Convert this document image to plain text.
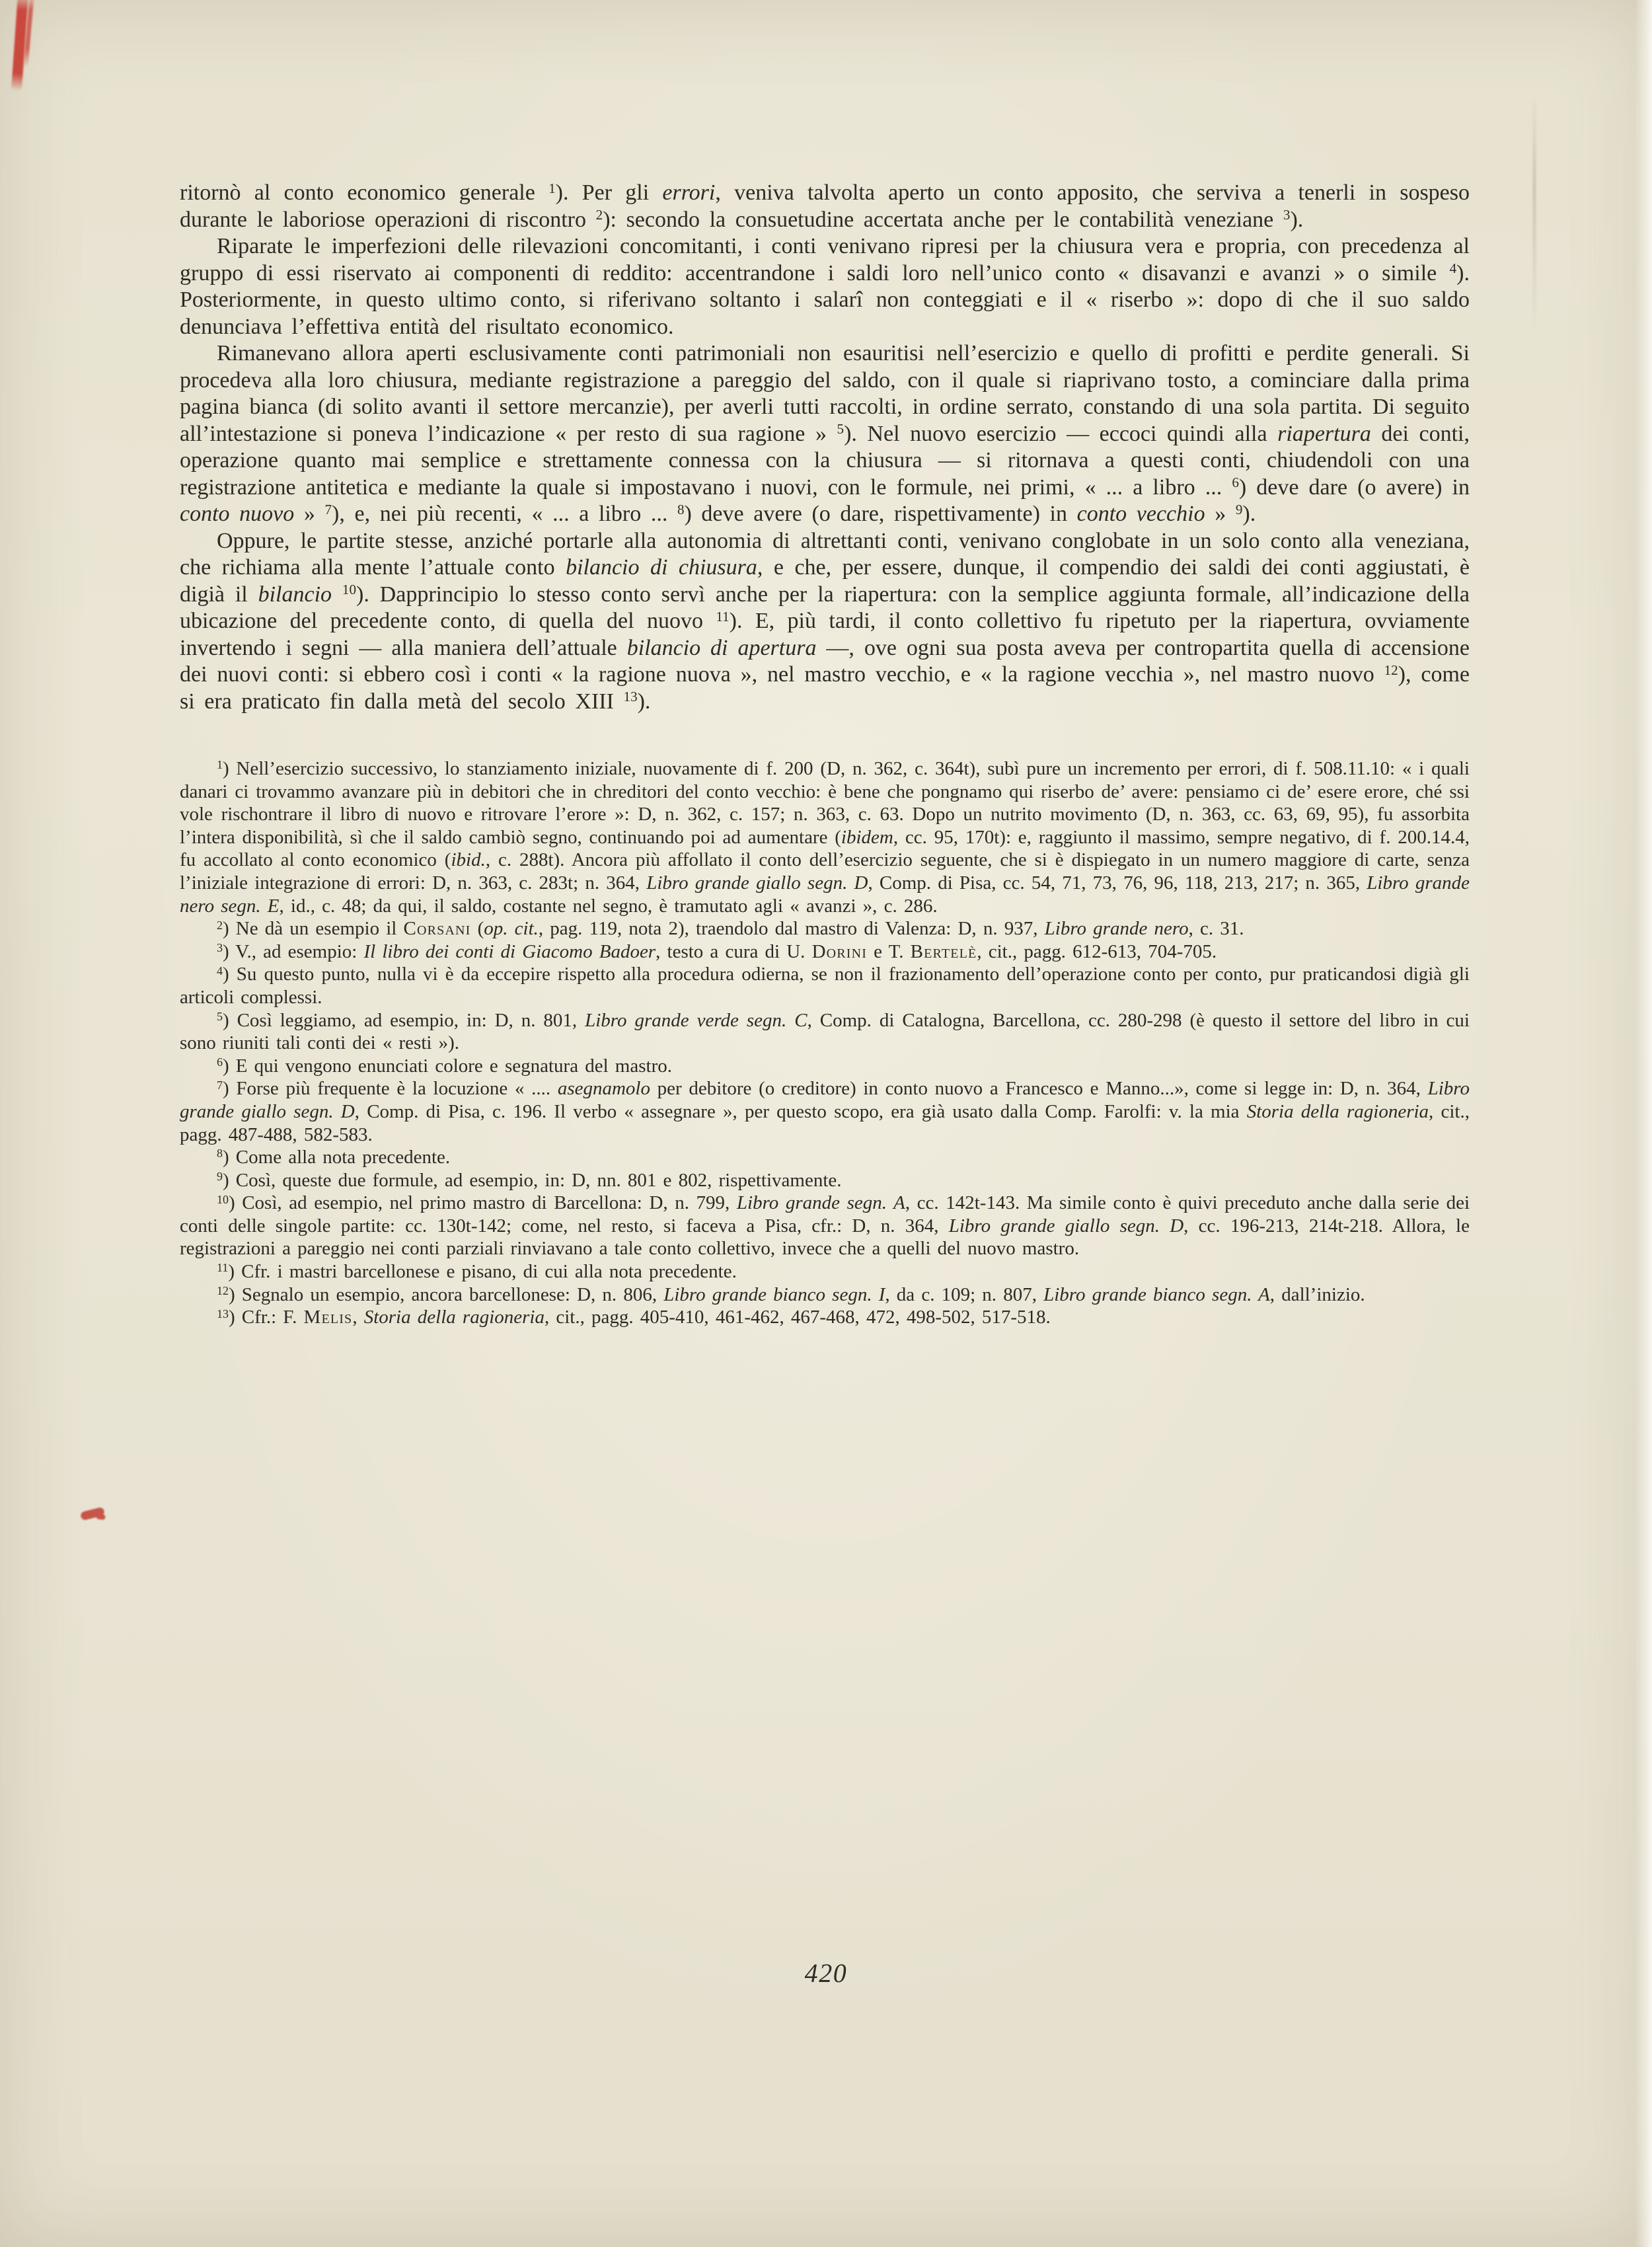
ritornò al conto economico generale $^1$). Per gli errori, veniva talvolta aperto un conto apposito, che serviva a tenerli in sospeso durante le laboriose operazioni di riscontro $^2$): secondo la consuetudine accertata anche per le contabilità veneziane $^3$).

Riparate le imperfezioni delle rilevazioni concomitanti, i conti venivano ripresi per la chiusura vera e propria, con precedenza al gruppo di essi riservato ai componenti di reddito: accentrandone i saldi loro nell’unico conto « disavanzi e avanzi » o simile $^4$). Posteriormente, in questo ultimo conto, si riferivano soltanto i salarî non conteggiati e il « riserbo »: dopo di che il suo saldo denunciava l’effettiva entità del risultato economico.

Rimanevano allora aperti esclusivamente conti patrimoniali non esauritisi nell’esercizio e quello di profitti e perdite generali. Si procedeva alla loro chiusura, mediante registrazione a pareggio del saldo, con il quale si riaprivano tosto, a cominciare dalla prima pagina bianca (di solito avanti il settore mercanzie), per averli tutti raccolti, in ordine serrato, constando di una sola partita. Di seguito all’intestazione si poneva l’indicazione « per resto di sua ragione » $^5$). Nel nuovo esercizio — eccoci quindi alla riapertura dei conti, operazione quanto mai semplice e strettamente connessa con la chiusura — si ritornava a questi conti, chiudendoli con una registrazione antitetica e mediante la quale si impostavano i nuovi, con le formule, nei primi, « ... a libro ... $^6$) deve dare (o avere) in conto nuovo » $^7$), e, nei più recenti, « ... a libro ... $^8$) deve avere (o dare, rispettivamente) in conto vecchio » $^9$).

Oppure, le partite stesse, anziché portarle alla autonomia di altrettanti conti, venivano conglobate in un solo conto alla veneziana, che richiama alla mente l’attuale conto bilancio di chiusura, e che, per essere, dunque, il compendio dei saldi dei conti aggiustati, è digià il bilancio $^{10}$). Dapprincipio lo stesso conto servì anche per la riapertura: con la semplice aggiunta formale, all’indicazione della ubicazione del precedente conto, di quella del nuovo $^{11}$). E, più tardi, il conto collettivo fu ripetuto per la riapertura, ovviamente invertendo i segni — alla maniera dell’attuale bilancio di apertura —, ove ogni sua posta aveva per contropartita quella di accensione dei nuovi conti: si ebbero così i conti « la ragione nuova », nel mastro vecchio, e « la ragione vecchia », nel mastro nuovo $^{12}$), come si era praticato fin dalla metà del secolo XIII $^{13}$).

$^1$) Nell’esercizio successivo, lo stanziamento iniziale, nuovamente di f. 200 (D, n. 362, c. 364t), subì pure un incremento per errori, di f. 508.11.10: « i quali danari ci trovammo avanzare più in debitori che in chreditori del conto vecchio: è bene che pongnamo qui riserbo de’ avere: pensiamo ci de’ esere erore, ché ssi vole rischontrare il libro di nuovo e ritrovare l’erore »: D, n. 362, c. 157; n. 363, c. 63. Dopo un nutrito movimento (D, n. 363, cc. 63, 69, 95), fu assorbita l’intera disponibilità, sì che il saldo cambiò segno, continuando poi ad aumentare (ibidem, cc. 95, 170t): e, raggiunto il massimo, sempre negativo, di f. 200.14.4, fu accollato al conto economico (ibid., c. 288t). Ancora più affollato il conto dell’esercizio seguente, che si è dispiegato in un numero maggiore di carte, senza l’iniziale integrazione di errori: D, n. 363, c. 283t; n. 364, Libro grande giallo segn. D, Comp. di Pisa, cc. 54, 71, 73, 76, 96, 118, 213, 217; n. 365, Libro grande nero segn. E, id., c. 48; da qui, il saldo, costante nel segno, è tramutato agli « avanzi », c. 286.

$^2$) Ne dà un esempio il Corsani (op. cit., pag. 119, nota 2), traendolo dal mastro di Valenza: D, n. 937, Libro grande nero, c. 31.

$^3$) V., ad esempio: Il libro dei conti di Giacomo Badoer, testo a cura di U. Dorini e T. Bertelè, cit., pagg. 612-613, 704-705.

$^4$) Su questo punto, nulla vi è da eccepire rispetto alla procedura odierna, se non il frazionamento dell’operazione conto per conto, pur praticandosi digià gli articoli complessi.

$^5$) Così leggiamo, ad esempio, in: D, n. 801, Libro grande verde segn. C, Comp. di Catalogna, Barcellona, cc. 280-298 (è questo il settore del libro in cui sono riuniti tali conti dei « resti »).

$^6$) E qui vengono enunciati colore e segnatura del mastro.

$^7$) Forse più frequente è la locuzione « .... asegnamolo per debitore (o creditore) in conto nuovo a Francesco e Manno...», come si legge in: D, n. 364, Libro grande giallo segn. D, Comp. di Pisa, c. 196. Il verbo « assegnare », per questo scopo, era già usato dalla Comp. Farolfi: v. la mia Storia della ragioneria, cit., pagg. 487-488, 582-583.

$^8$) Come alla nota precedente.

$^9$) Così, queste due formule, ad esempio, in: D, nn. 801 e 802, rispettivamente.

$^{10}$) Così, ad esempio, nel primo mastro di Barcellona: D, n. 799, Libro grande segn. A, cc. 142t-143. Ma simile conto è quivi preceduto anche dalla serie dei conti delle singole partite: cc. 130t-142; come, nel resto, si faceva a Pisa, cfr.: D, n. 364, Libro grande giallo segn. D, cc. 196-213, 214t-218. Allora, le registrazioni a pareggio nei conti parziali rinviavano a tale conto collettivo, invece che a quelli del nuovo mastro.

$^{11}$) Cfr. i mastri barcellonese e pisano, di cui alla nota precedente.

$^{12}$) Segnalo un esempio, ancora barcellonese: D, n. 806, Libro grande bianco segn. I, da c. 109; n. 807, Libro grande bianco segn. A, dall’inizio.

$^{13}$) Cfr.: F. Melis, Storia della ragioneria, cit., pagg. 405-410, 461-462, 467-468, 472, 498-502, 517-518.

420
